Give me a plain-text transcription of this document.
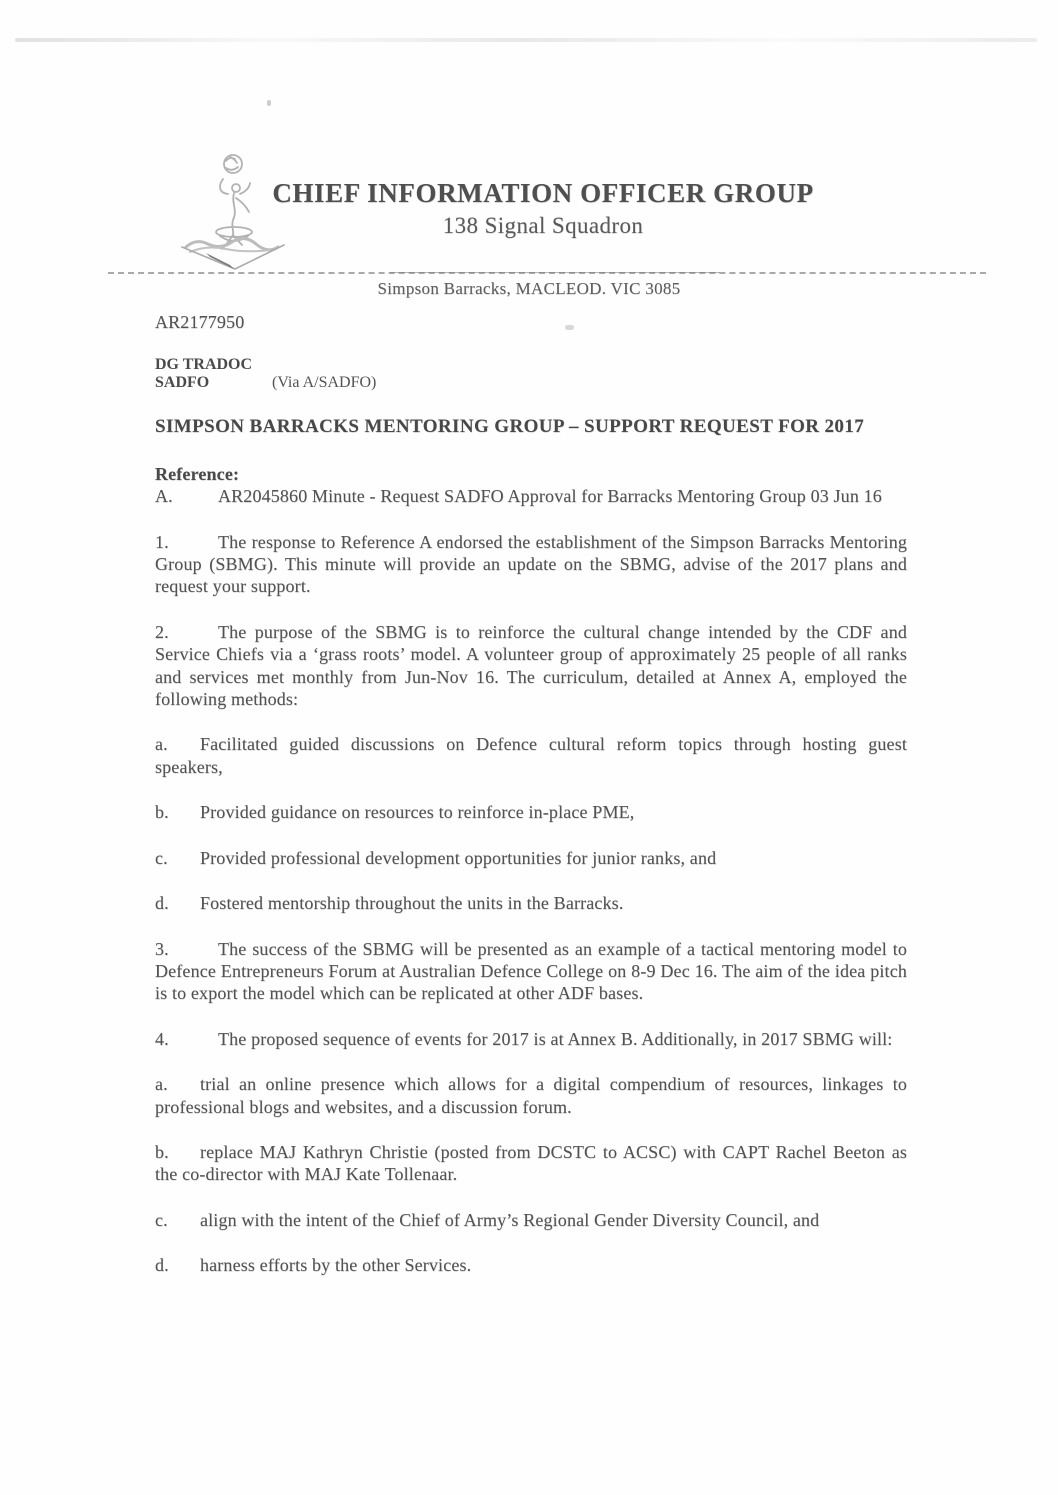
CHIEF INFORMATION OFFICER GROUP
138 Signal Squadron
Simpson Barracks, MACLEOD. VIC 3085

AR2177950

DG TRADOC
SADFO	(Via A/SADFO)

SIMPSON BARRACKS MENTORING GROUP – SUPPORT REQUEST FOR 2017

Reference:

A.	AR2045860 Minute - Request SADFO Approval for Barracks Mentoring Group 03 Jun 16

1.	The response to Reference A endorsed the establishment of the Simpson Barracks Mentoring Group (SBMG). This minute will provide an update on the SBMG, advise of the 2017 plans and request your support.

2.	The purpose of the SBMG is to reinforce the cultural change intended by the CDF and Service Chiefs via a ‘grass roots’ model. A volunteer group of approximately 25 people of all ranks and services met monthly from Jun-Nov 16. The curriculum, detailed at Annex A, employed the following methods:

a. Facilitated guided discussions on Defence cultural reform topics through hosting guest speakers,

b. Provided guidance on resources to reinforce in-place PME,

c. Provided professional development opportunities for junior ranks, and

d. Fostered mentorship throughout the units in the Barracks.

3.	The success of the SBMG will be presented as an example of a tactical mentoring model to Defence Entrepreneurs Forum at Australian Defence College on 8-9 Dec 16. The aim of the idea pitch is to export the model which can be replicated at other ADF bases.

4.	The proposed sequence of events for 2017 is at Annex B. Additionally, in 2017 SBMG will:

a. trial an online presence which allows for a digital compendium of resources, linkages to professional blogs and websites, and a discussion forum.

b. replace MAJ Kathryn Christie (posted from DCSTC to ACSC) with CAPT Rachel Beeton as the co-director with MAJ Kate Tollenaar.

c. align with the intent of the Chief of Army’s Regional Gender Diversity Council, and

d. harness efforts by the other Services.
